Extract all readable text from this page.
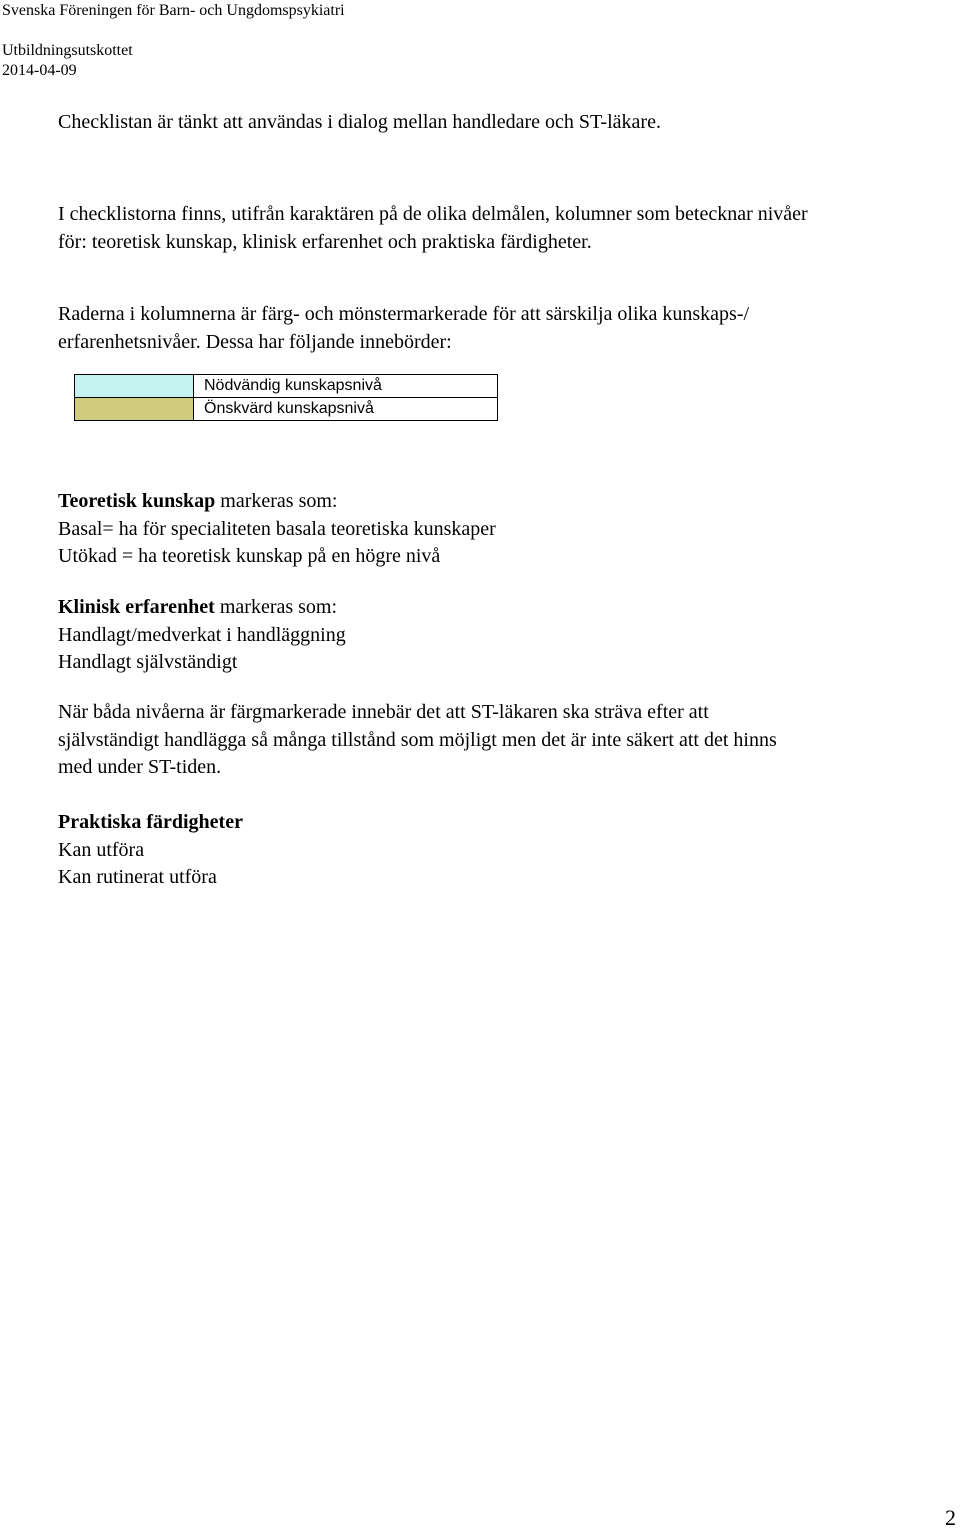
Svenska Föreningen för Barn- och Ungdomspsykiatri
Utbildningsutskottet
2014-04-09
Checklistan är tänkt att användas i dialog mellan handledare och ST-läkare.
I checklistorna finns, utifrån karaktären på de olika delmålen, kolumner som betecknar nivåer
för: teoretisk kunskap, klinisk erfarenhet och praktiska färdigheter.
Raderna i kolumnerna är färg- och mönstermarkerade för att särskilja olika kunskaps-/
erfarenhetsnivåer. Dessa har följande innebörder:
	Nödvändig kunskapsnivå
	Önskvärd kunskapsnivå
Teoretisk kunskap markeras som:
Basal= ha för specialiteten basala teoretiska kunskaper
Utökad = ha teoretisk kunskap på en högre nivå
Klinisk erfarenhet markeras som:
Handlagt/medverkat i handläggning
Handlagt självständigt
När båda nivåerna är färgmarkerade innebär det att ST-läkaren ska sträva efter att
självständigt handlägga så många tillstånd som möjligt men det är inte säkert att det hinns
med under ST-tiden.
Praktiska färdigheter
Kan utföra
Kan rutinerat utföra
2
